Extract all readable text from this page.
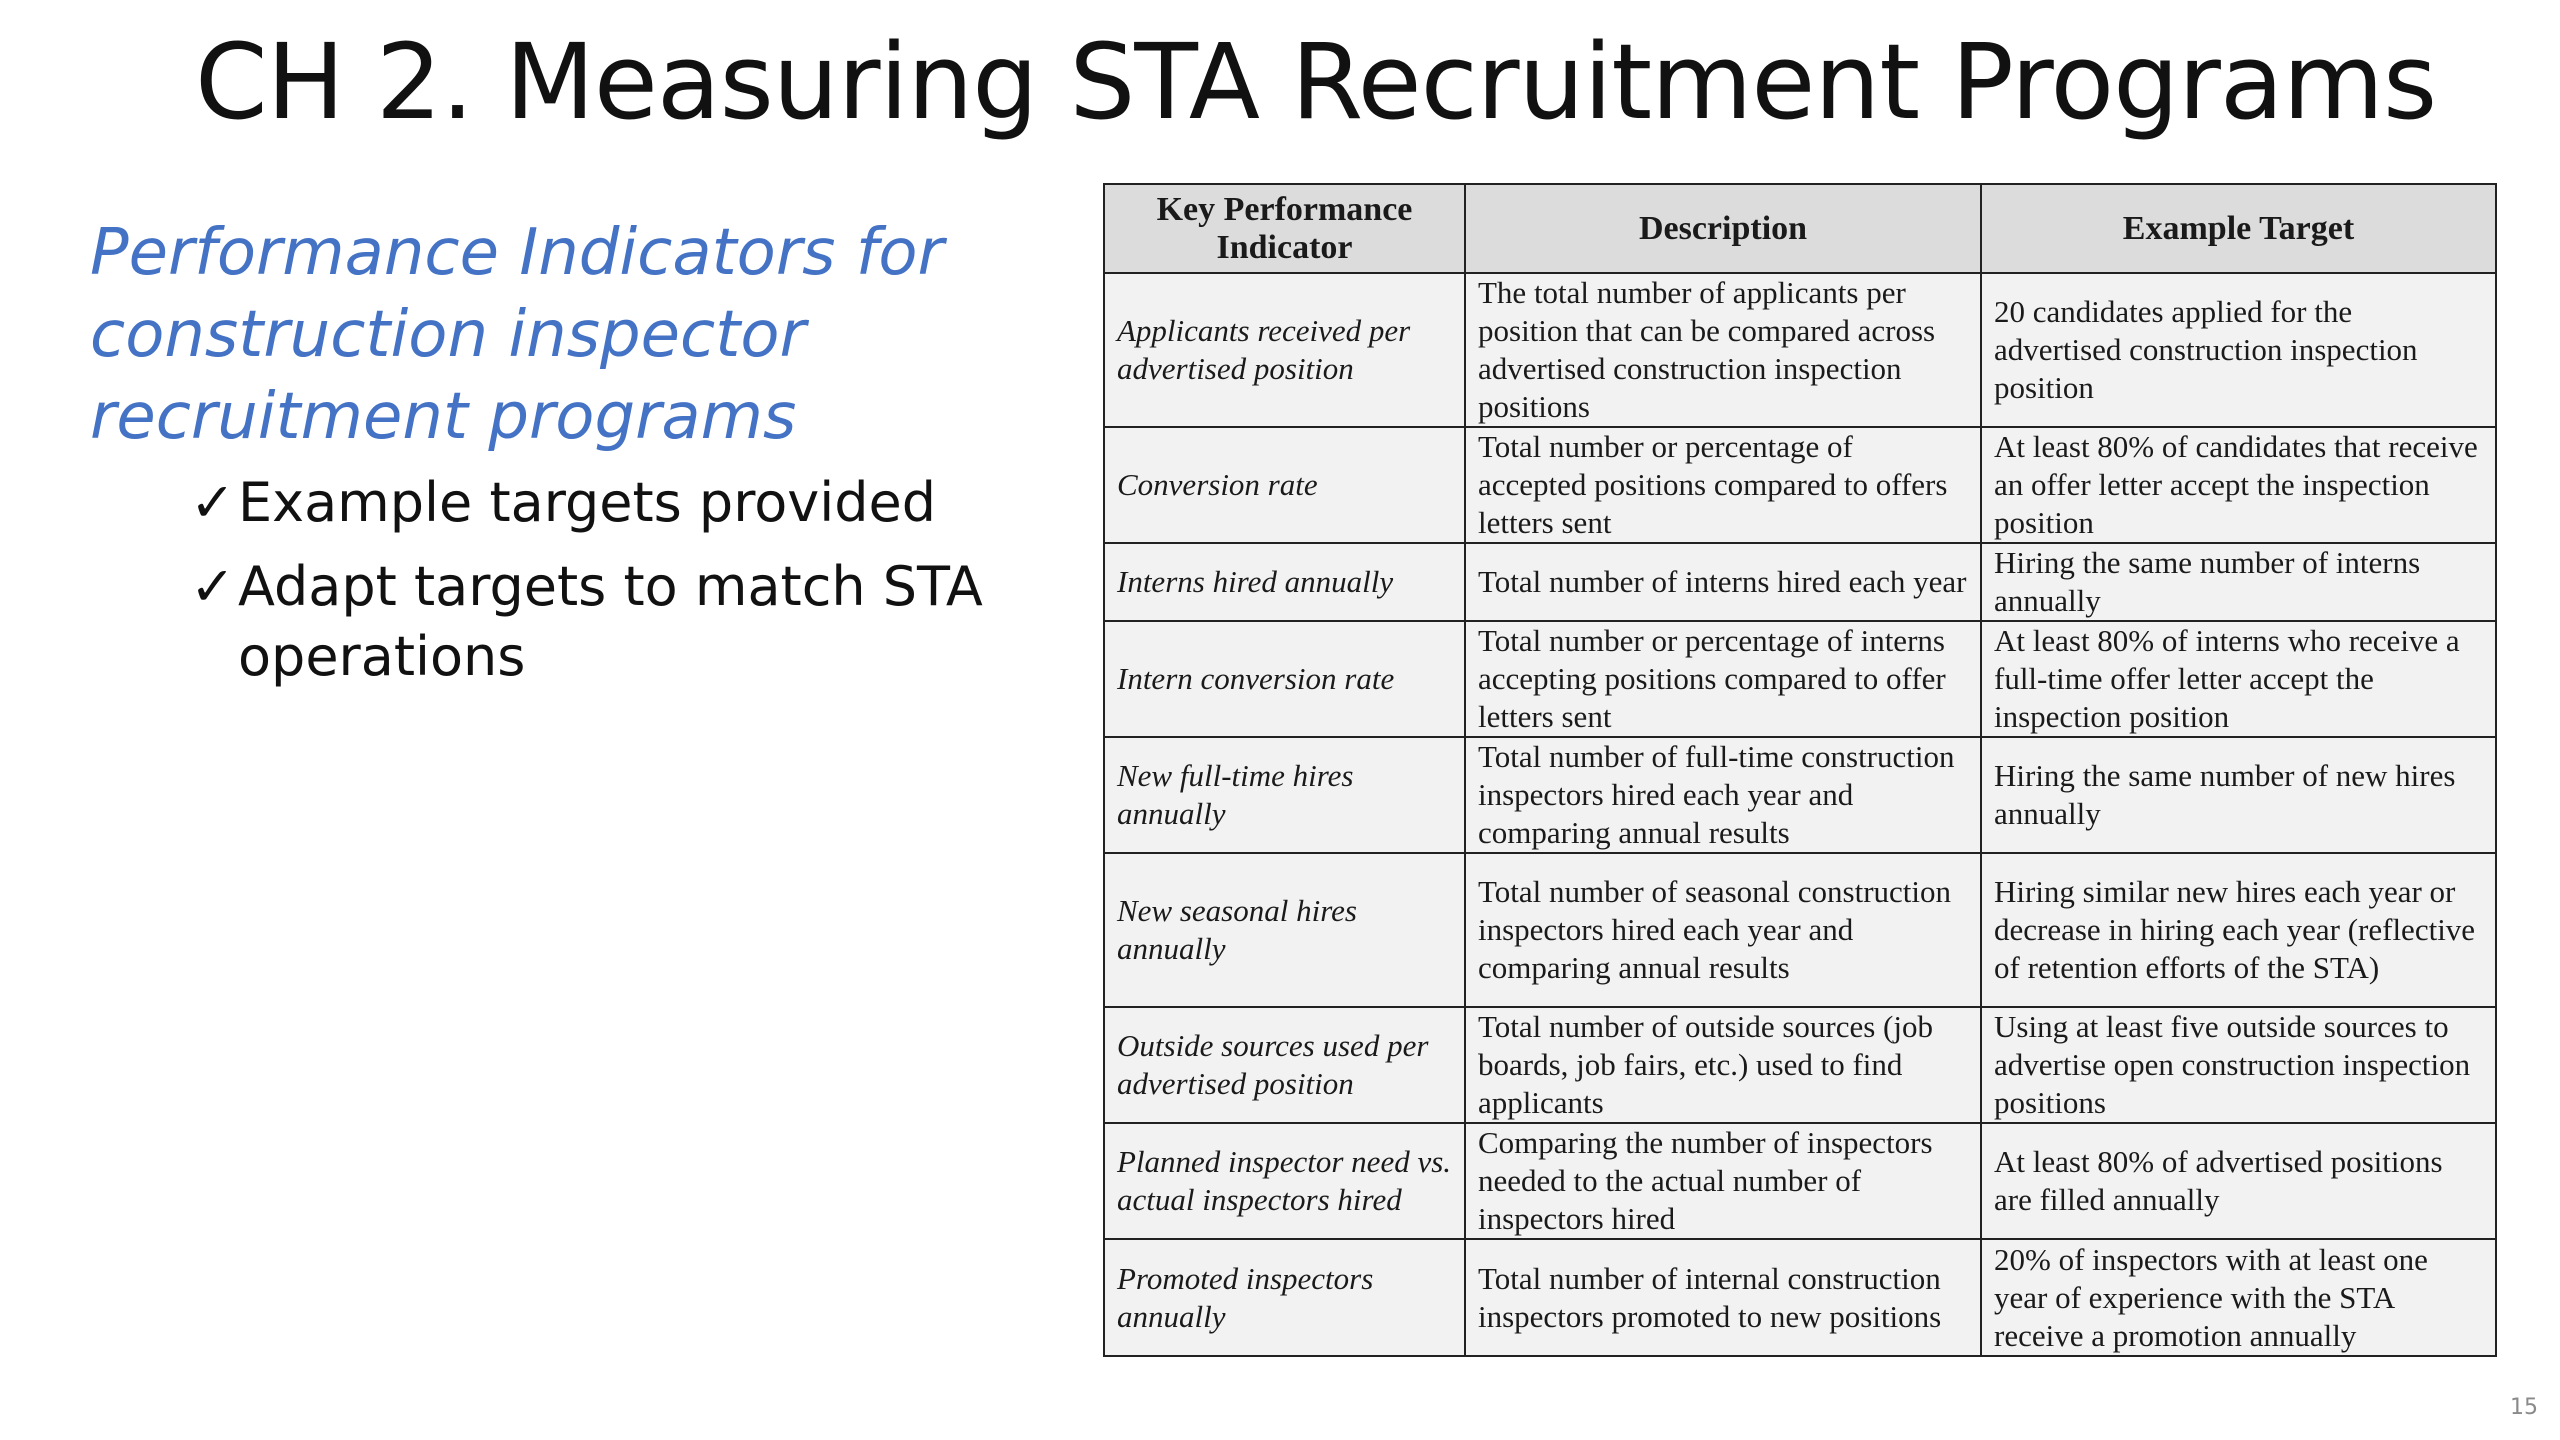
CH 2. Measuring STA Recruitment Programs

Performance Indicators for construction inspector recruitment programs

✓ Example targets provided
✓ Adapt targets to match STA operations
Key Performance Indicator	Description	Example Target
Applicants received per advertised position	The total number of applicants per position that can be compared across advertised construction inspection positions	20 candidates applied for the advertised construction inspection position
Conversion rate	Total number or percentage of accepted positions compared to offers letters sent	At least 80% of candidates that receive an offer letter accept the inspection position
Interns hired annually	Total number of interns hired each year	Hiring the same number of interns annually
Intern conversion rate	Total number or percentage of interns accepting positions compared to offer letters sent	At least 80% of interns who receive a full-time offer letter accept the inspection position
New full-time hires annually	Total number of full-time construction inspectors hired each year and comparing annual results	Hiring the same number of new hires annually
New seasonal hires annually	Total number of seasonal construction inspectors hired each year and comparing annual results	Hiring similar new hires each year or decrease in hiring each year (reflective of retention efforts of the STA)
Outside sources used per advertised position	Total number of outside sources (job boards, job fairs, etc.) used to find applicants	Using at least five outside sources to advertise open construction inspection positions
Planned inspector need vs. actual inspectors hired	Comparing the number of inspectors needed to the actual number of inspectors hired	At least 80% of advertised positions are filled annually
Promoted inspectors annually	Total number of internal construction inspectors promoted to new positions	20% of inspectors with at least one year of experience with the STA receive a promotion annually
15
